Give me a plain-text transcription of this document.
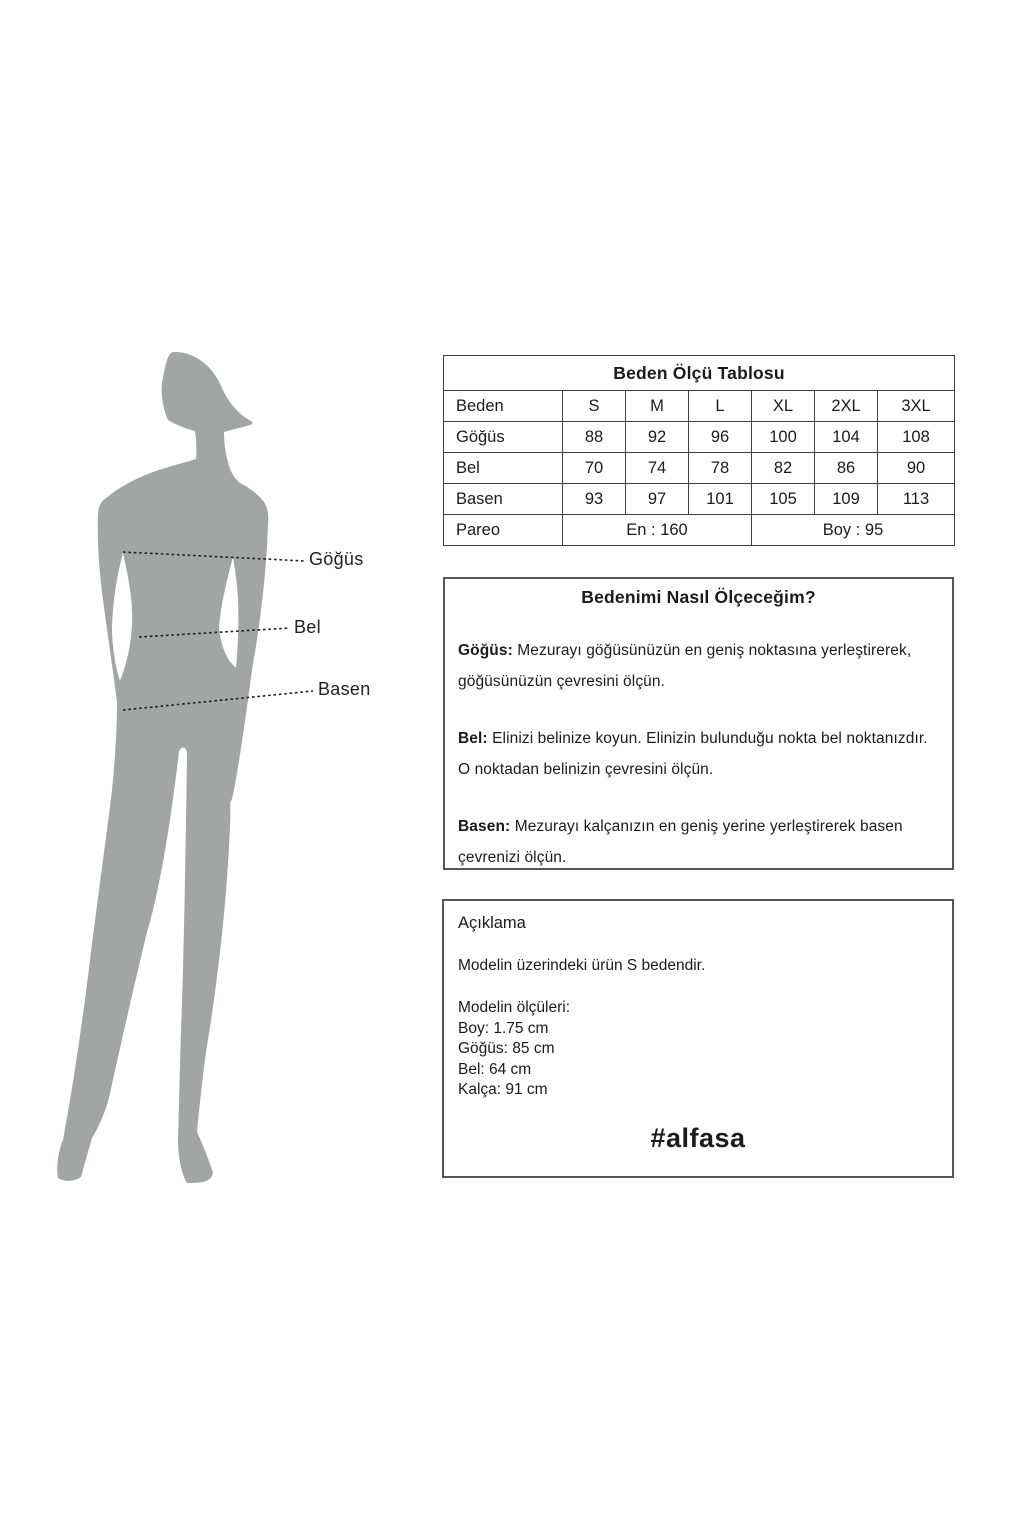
Göğüs
Bel
Basen
Beden Ölçü Tablosu						
Beden	S	M	L	XL	2XL	3XL
Göğüs	88	92	96	100	104	108
Bel	70	74	78	82	86	90
Basen	93	97	101	105	109	113
Pareo	En : 160			Boy : 95		
Bedenimi Nasıl Ölçeceğim?

Göğüs: Mezurayı göğüsünüzün en geniş noktasına yerleştirerek, göğüsünüzün çevresini ölçün.

Bel: Elinizi belinize koyun. Elinizin bulunduğu nokta bel noktanızdır. O noktadan belinizin çevresini ölçün.

Basen: Mezurayı kalçanızın en geniş yerine yerleştirerek basen çevrenizi ölçün.

Açıklama
Modelin üzerindeki ürün S bedendir.
Modelin ölçüleri:
Boy: 1.75 cm
Göğüs: 85 cm
Bel: 64 cm
Kalça: 91 cm
#alfasa
